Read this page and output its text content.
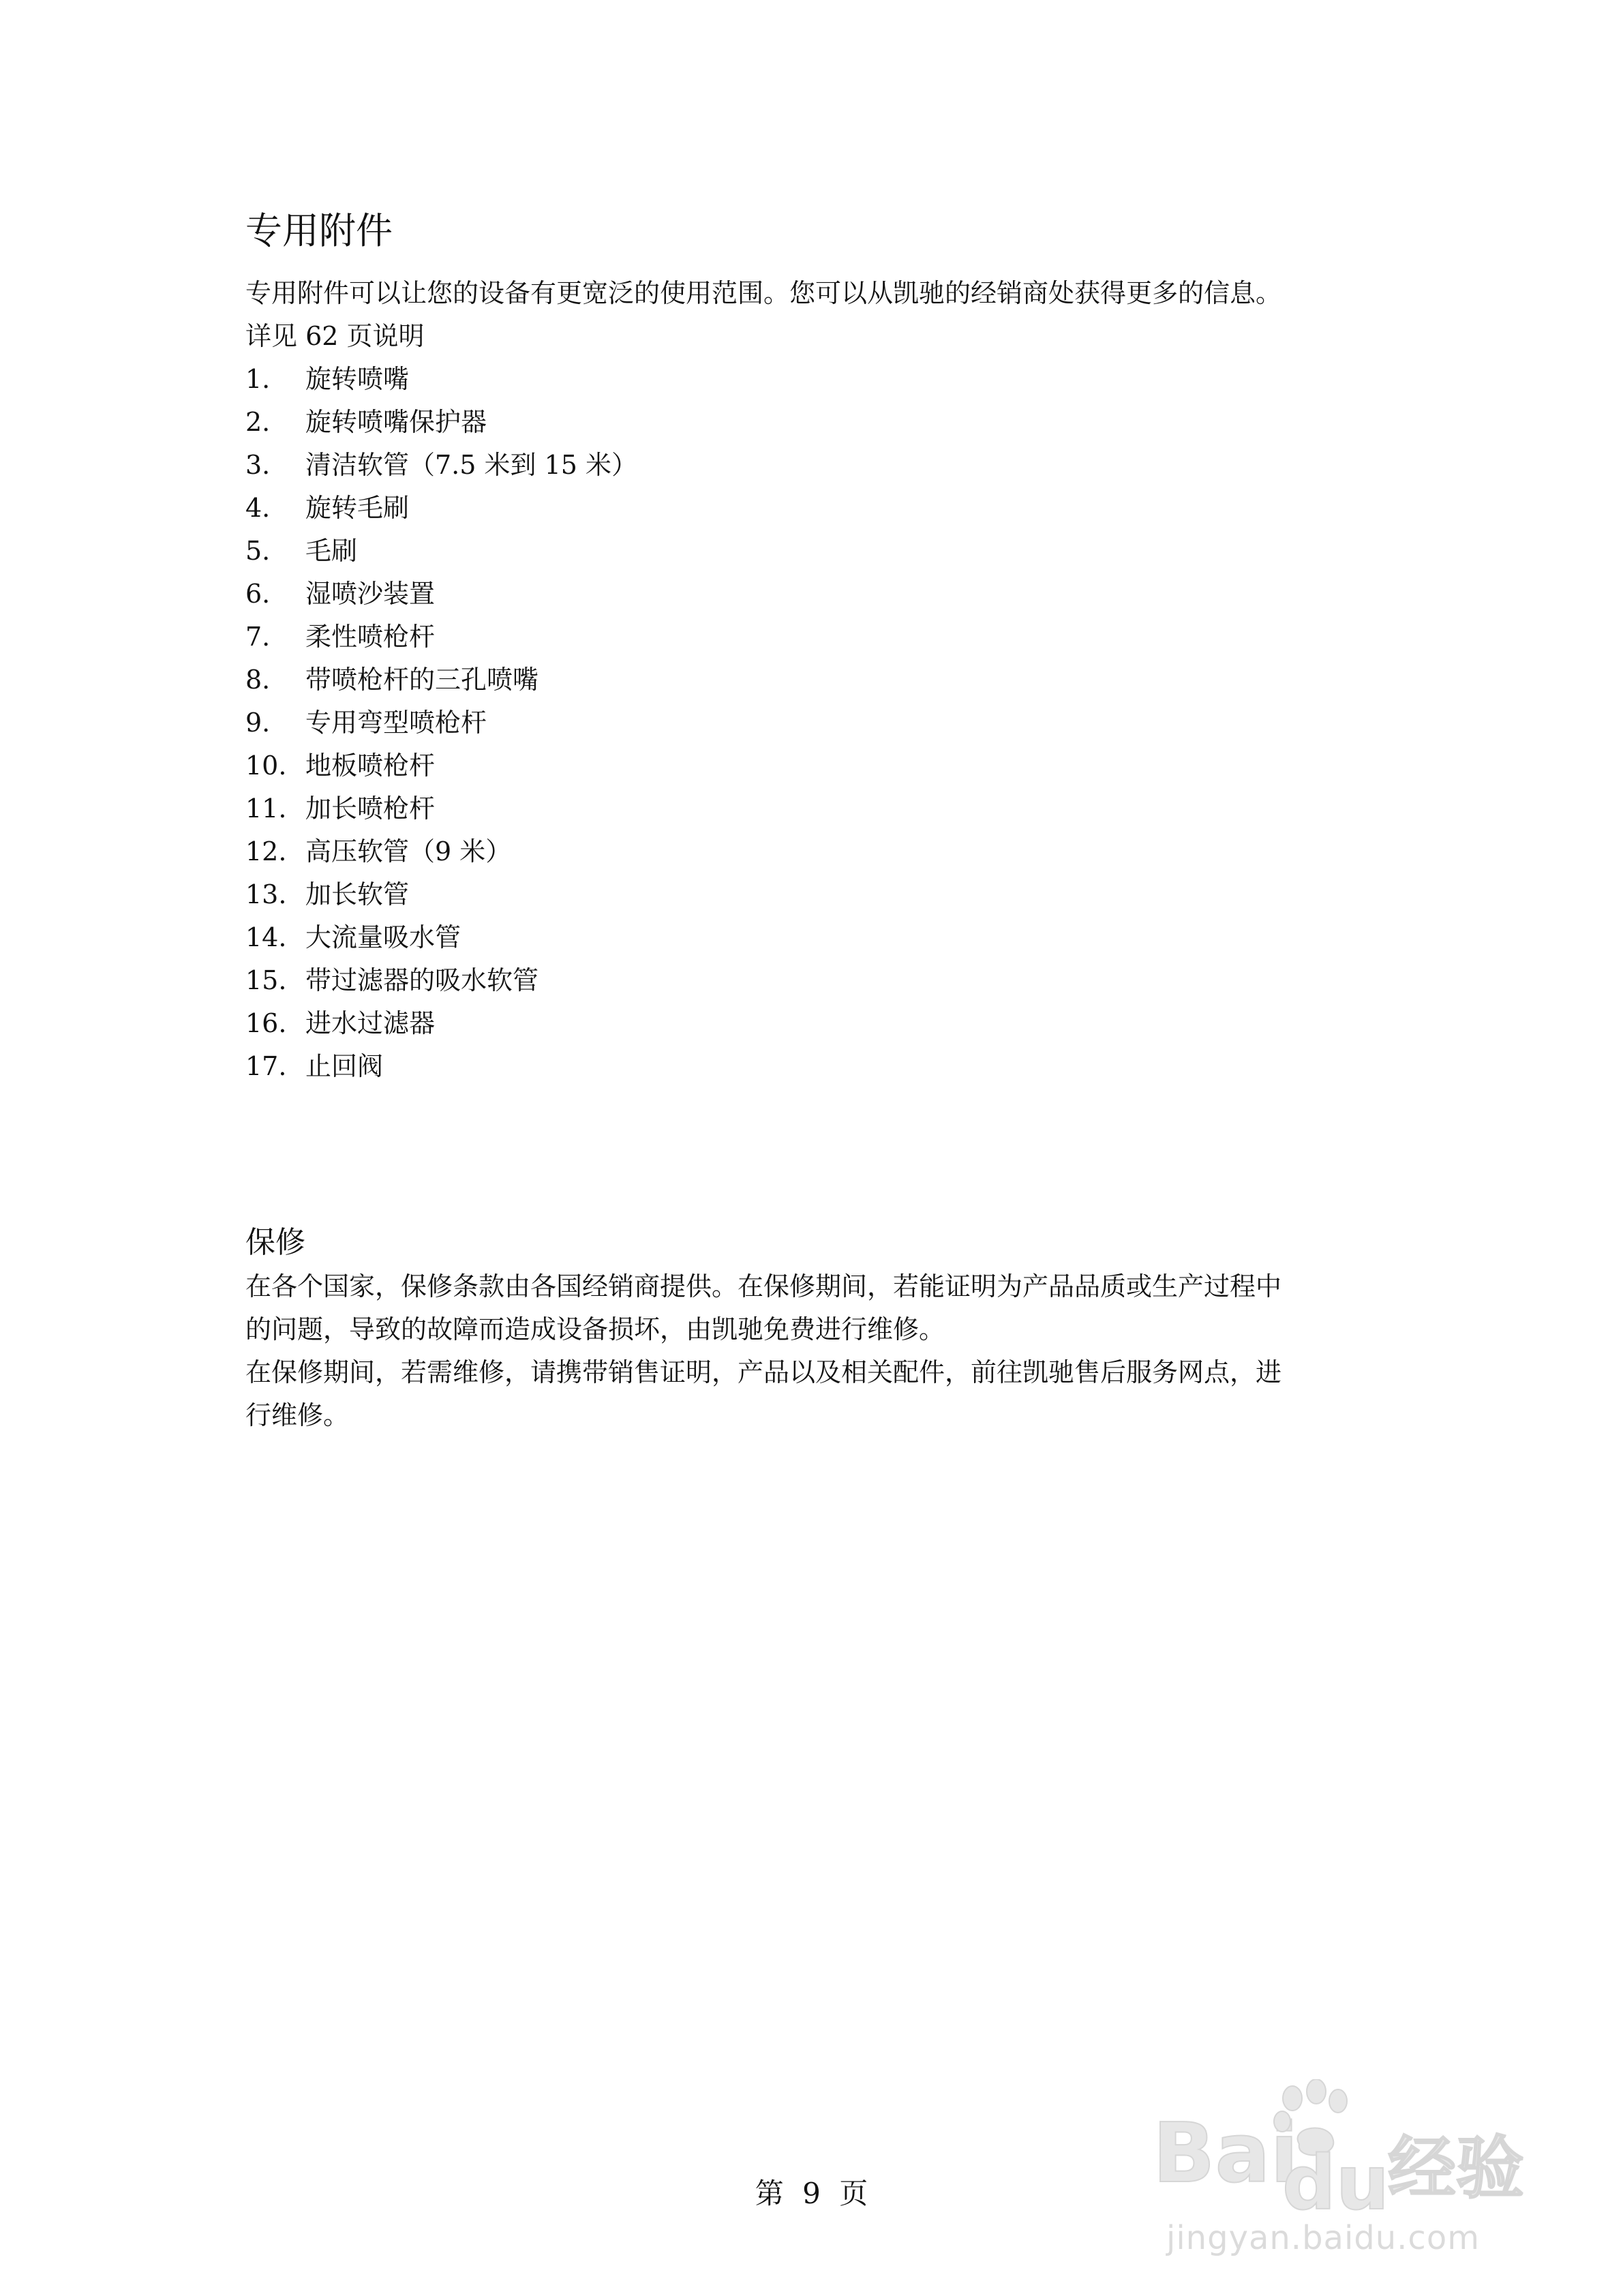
专用附件

专用附件可以让您的设备有更宽泛的使用范围。您可以从凯驰的经销商处获得更多的信息。

详见 62 页说明

1.	旋转喷嘴
2.	旋转喷嘴保护器
3.	清洁软管（7.5 米到 15 米）
4.	旋转毛刷
5.	毛刷
6.	湿喷沙装置
7.	柔性喷枪杆
8.	带喷枪杆的三孔喷嘴
9.	专用弯型喷枪杆
10. 地板喷枪杆
11. 加长喷枪杆
12. 高压软管（9 米）
13. 加长软管
14. 大流量吸水管
15. 带过滤器的吸水软管
16. 进水过滤器
17. 止回阀
保修

在各个国家，保修条款由各国经销商提供。在保修期间，若能证明为产品品质或生产过程中

的问题，导致的故障而造成设备损坏，由凯驰免费进行维修。

在保修期间，若需维修，请携带销售证明，产品以及相关配件，前往凯驰售后服务网点，进

行维修。

第 9 页	Bai
du
经验
jingyan.baidu.com
